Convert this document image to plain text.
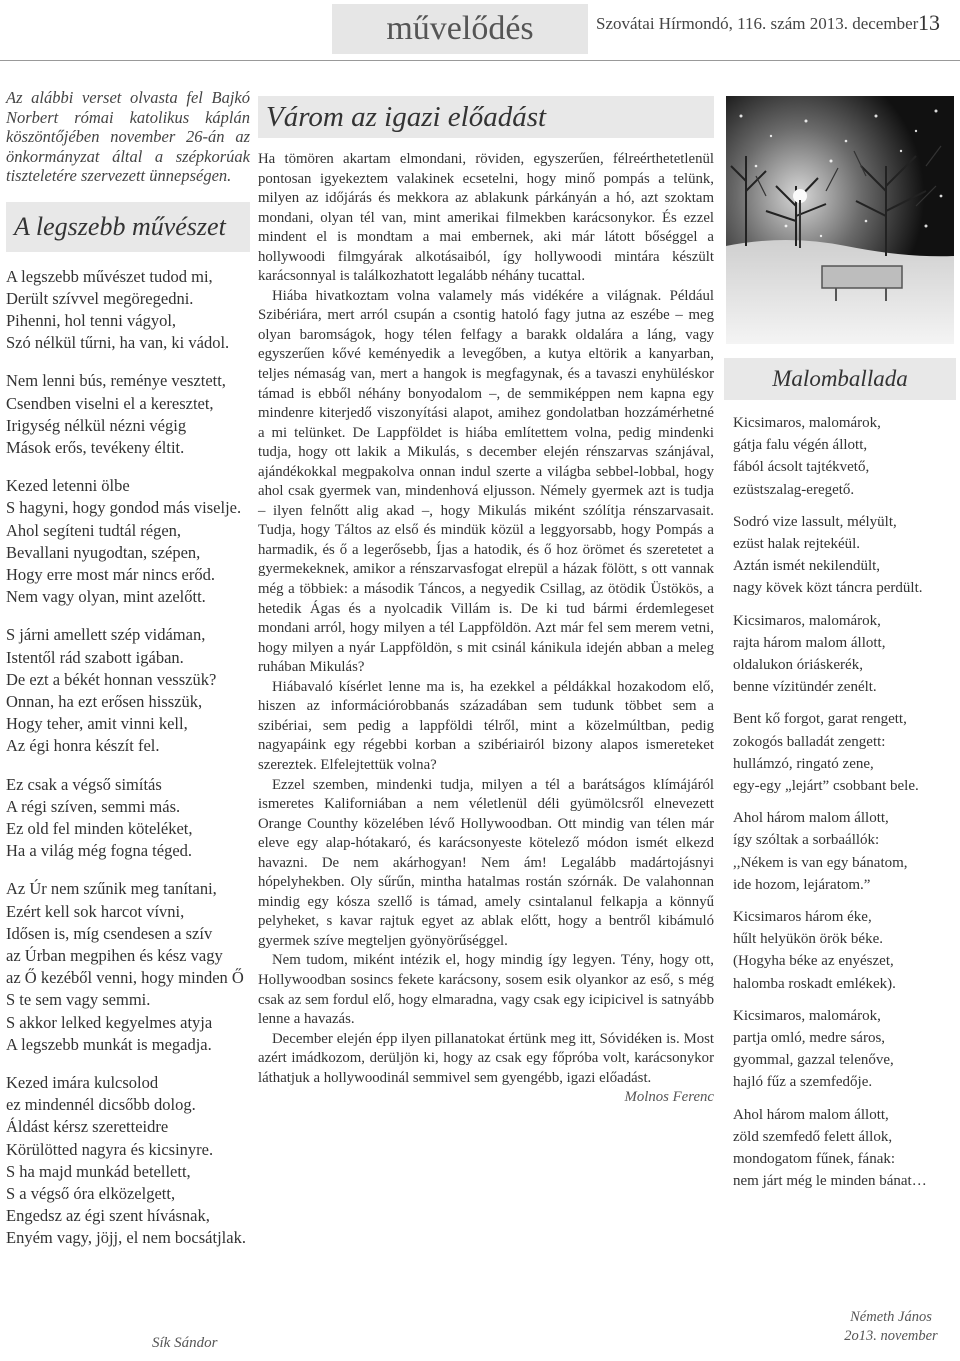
művelődés	Szovátai Hírmondó, 116. szám 2013. december 13

Az alábbi verset olvasta fel Bajkó Norbert római katolikus káplán köszöntőjében november 26-án az önkormányzat által a szépkorúak tiszteletére szervezett ünnepségen.

A legszebb művészet
A legszebb művészet tudod mi,
Derült szívvel megöregedni.
Pihenni, hol tenni vágyol,
Szó nélkül tűrni, ha van, ki vádol.
Nem lenni bús, reménye vesztett,
Csendben viselni el a keresztet,
Irigység nélkül nézni végig
Mások erős, tevékeny éltit.
Kezed letenni ölbe
S hagyni, hogy gondod más viselje.
Ahol segíteni tudtál régen,
Bevallani nyugodtan, szépen,
Hogy erre most már nincs erőd.
Nem vagy olyan, mint azelőtt.
S járni amellett szép vidáman,
Istentől rád szabott igában.
De ezt a békét honnan vesszük?
Onnan, ha ezt erősen hisszük,
Hogy teher, amit vinni kell,
Az égi honra készít fel.
Ez csak a végső simítás
A régi szíven, semmi más.
Ez old fel minden köteléket,
Ha a világ még fogna téged.
Az Úr nem szűnik meg tanítani,
Ezért kell sok harcot vívni,
Idősen is, míg csendesen a szív
az Úrban megpihen és kész vagy
az Ő kezéből venni, hogy minden Ő
S te sem vagy semmi.
S akkor lelked kegyelmes atyja
A legszebb munkát is megadja.
Kezed imára kulcsolod
ez mindennél dicsőbb dolog.
Áldást kérsz szeretteidre
Körülötted nagyra és kicsinyre.
S ha majd munkád betellett,
S a végső óra elközelgett,
Engedsz az égi szent hívásnak,
Enyém vagy, jöjj, el nem bocsátjlak.
Sík Sándor
Várom az igazi előadást

Ha tömören akartam elmondani, röviden, egyszerűen, félreérthetetlenül pontosan igyekeztem valakinek ecsetelni, hogy minő pompás a telünk, milyen az időjárás és mekkora az ablakunk párkányán a hó, azt szoktam mondani, olyan tél van, mint amerikai filmekben karácsonykor. És ezzel mindent el is mondtam a mai embernek, aki már látott bőséggel a hollywoodi filmgyárak alkotásaiból, így hollywoodi mintára készült karácsonnyal is találkozhatott legalább néhány tucattal.

Hiába hivatkoztam volna valamely más vidékére a világnak. Például Szibériára, mert arról csupán a csontig hatoló fagy jutna az eszébe – meg olyan baromságok, hogy télen felfagy a barakk oldalára a láng, vagy egyszerűen kővé keményedik a levegőben, a kutya eltörik a kanyarban, teljes némaság van, mert a hangok is megfagynak, és a tavaszi enyhüléskor támad is ebből néhány bonyodalom –, de semmiképpen nem kapna egy mindenre kiterjedő viszonyítási alapot, amihez gondolatban hozzámérhetné a mi telünket. De Lappföldet is hiába említettem volna, pedig mindenki tudja, hogy ott lakik a Mikulás, s december elején rénszarvas szánjával, ajándékokkal megpakolva onnan indul szerte a világba sebbel-lobbal, hogy ahol csak gyermek van, mindenhová eljusson. Némely gyermek azt is tudja – ilyen felnőtt alig akad –, hogy Mikulás miként szólítja rénszarvasait. Tudja, hogy Táltos az első és mindük közül a leggyorsabb, hogy Pompás a harmadik, és ő a legerősebb, Íjas a hatodik, és ő hoz örömet és szeretetet a gyermekeknek, amikor a rénszarvasfogat elrepül a házak fölött, s ott vannak még a többiek: a második Táncos, a negyedik Csillag, az ötödik Üstökös, a hetedik Ágas és a nyolcadik Villám is. De ki tud bármi érdemlegeset mondani arról, hogy milyen a tél Lappföldön. Azt már fel sem merem vetni, hogy milyen a nyár Lappföldön, s mit csinál kánikula idején abban a meleg ruhában Mikulás?

Hiábavaló kísérlet lenne ma is, ha ezekkel a példákkal hozakodom elő, hiszen az információrobbanás századában sem tudunk többet sem a szibériai, sem pedig a lappföldi télről, mint a közelmúltban, pedig nagyapáink egy régebbi korban a szibériairól bizony alapos ismereteket szereztek. Elfelejtettük volna?

Ezzel szemben, mindenki tudja, milyen a tél a barátságos klímájáról ismeretes Kaliforniában a nem véletlenül déli gyümölcsről elnevezett Orange Counthy közelében lévő Hollywoodban. Ott mindig van télen már eleve egy alap-hótakaró, és karácsonyeste kötelező módon ismét elkezd havazni. De nem akárhogyan! Nem ám! Legalább madártojásnyi hópelyhekben. Oly sűrűn, mintha hatalmas rostán szórnák. De valahonnan mindig egy kósza szellő is támad, amely csintalanul felkapja a könnyű pelyheket, s kavar rajtuk egyet az ablak előtt, hogy a bentről kibámuló gyermek szíve megteljen gyönyörűséggel.

Nem tudom, miként intézik el, hogy mindig így legyen. Tény, hogy ott, Hollywoodban sosincs fekete karácsony, sosem esik olyankor az eső, s még csak az sem fordul elő, hogy elmaradna, vagy csak egy icipicivel is satnyább lenne a havazás.

December elején épp ilyen pillanatokat értünk meg itt, Sóvidéken is. Most azért imádkozom, derüljön ki, hogy az csak egy főpróba volt, karácsonykor láthatjuk a hollywoodinál semmivel sem gyengébb, igazi előadást.
Molnos Ferenc

Malomballada
Kicsimaros, malomárok,
gátja falu végén állott,
fából ácsolt tajtékvető,
ezüstszalag-eregető.
Sodró vize lassult, mélyült,
ezüst halak rejtekéül.
Aztán ismét nekilendült,
nagy kövek közt táncra perdült.
Kicsimaros, malomárok,
rajta három malom állott,
oldalukon óriáskerék,
benne vízitündér zenélt.
Bent kő forgot, garat rengett,
zokogós balladát zengett:
hullámzó, ringató zene,
egy-egy „lejárt” csobbant bele.
Ahol három malom állott,
így szóltak a sorbaállók:
,,Nékem is van egy bánatom,
ide hozom, lejáratom.”
Kicsimaros három éke,
hűlt helyükön örök béke.
(Hogyha béke az enyészet,
halomba roskadt emlékek).
Kicsimaros, malomárok,
partja omló, medre sáros,
gyommal, gazzal telenőve,
hajló fűz a szemfedője.
Ahol három malom állott,
zöld szemfedő felett állok,
mondogatom fűnek, fának:
nem járt még le minden bánat…
Németh János
2o13. november
